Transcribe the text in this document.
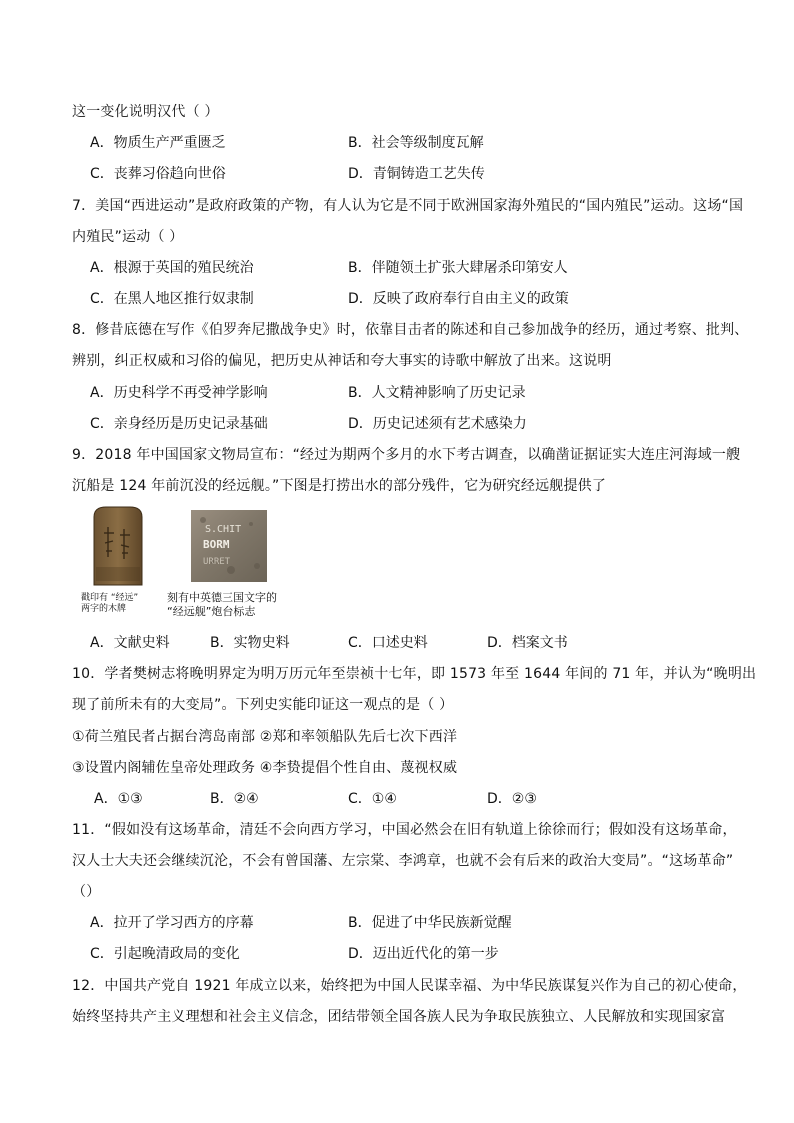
这一变化说明汉代（ ）
A．物质生产严重匮乏	B．社会等级制度瓦解
C．丧葬习俗趋向世俗	D．青铜铸造工艺失传
7．美国“西进运动”是政府政策的产物，有人认为它是不同于欧洲国家海外殖民的“国内殖民”运动。这场“国
内殖民”运动（ ）
A．根源于英国的殖民统治	B．伴随领土扩张大肆屠杀印第安人
C．在黑人地区推行奴隶制	D．反映了政府奉行自由主义的政策
8．修昔底德在写作《伯罗奔尼撒战争史》时，依靠目击者的陈述和自己参加战争的经历，通过考察、批判、
辨别，纠正权威和习俗的偏见，把历史从神话和夸大事实的诗歌中解放了出来。这说明
A．历史科学不再受神学影响	B．人文精神影响了历史记录
C．亲身经历是历史记录基础	D．历史记述须有艺术感染力
9．2018 年中国国家文物局宣布：“经过为期两个多月的水下考古调查，以确凿证据证实大连庄河海域一艘
沉船是 124 年前沉没的经远舰。”下图是打捞出水的部分残件，它为研究经远舰提供了
戳印有 “经远”
两字的木牌
S.CHIT
BORM
URRET
刻有中英德三国文字的
“经远舰”炮台标志
A．文献史料	B．实物史料	C．口述史料	D．档案文书
10．学者樊树志将晚明界定为明万历元年至崇祯十七年，即 1573 年至 1644 年间的 71 年，并认为“晚明出
现了前所未有的大变局”。下列史实能印证这一观点的是（ ）
①荷兰殖民者占据台湾岛南部 ②郑和率领船队先后七次下西洋
③设置内阁辅佐皇帝处理政务 ④李贽提倡个性自由、蔑视权威
A．①③	B．②④	C．①④	D．②③
11．“假如没有这场革命，清廷不会向西方学习，中国必然会在旧有轨道上徐徐而行；假如没有这场革命，
汉人士大夫还会继续沉沦，不会有曾国藩、左宗棠、李鸿章，也就不会有后来的政治大变局”。“这场革命”
（）
A．拉开了学习西方的序幕	B．促进了中华民族新觉醒
C．引起晚清政局的变化	D．迈出近代化的第一步
12．中国共产党自 1921 年成立以来，始终把为中国人民谋幸福、为中华民族谋复兴作为自己的初心使命，
始终坚持共产主义理想和社会主义信念，团结带领全国各族人民为争取民族独立、人民解放和实现国家富
